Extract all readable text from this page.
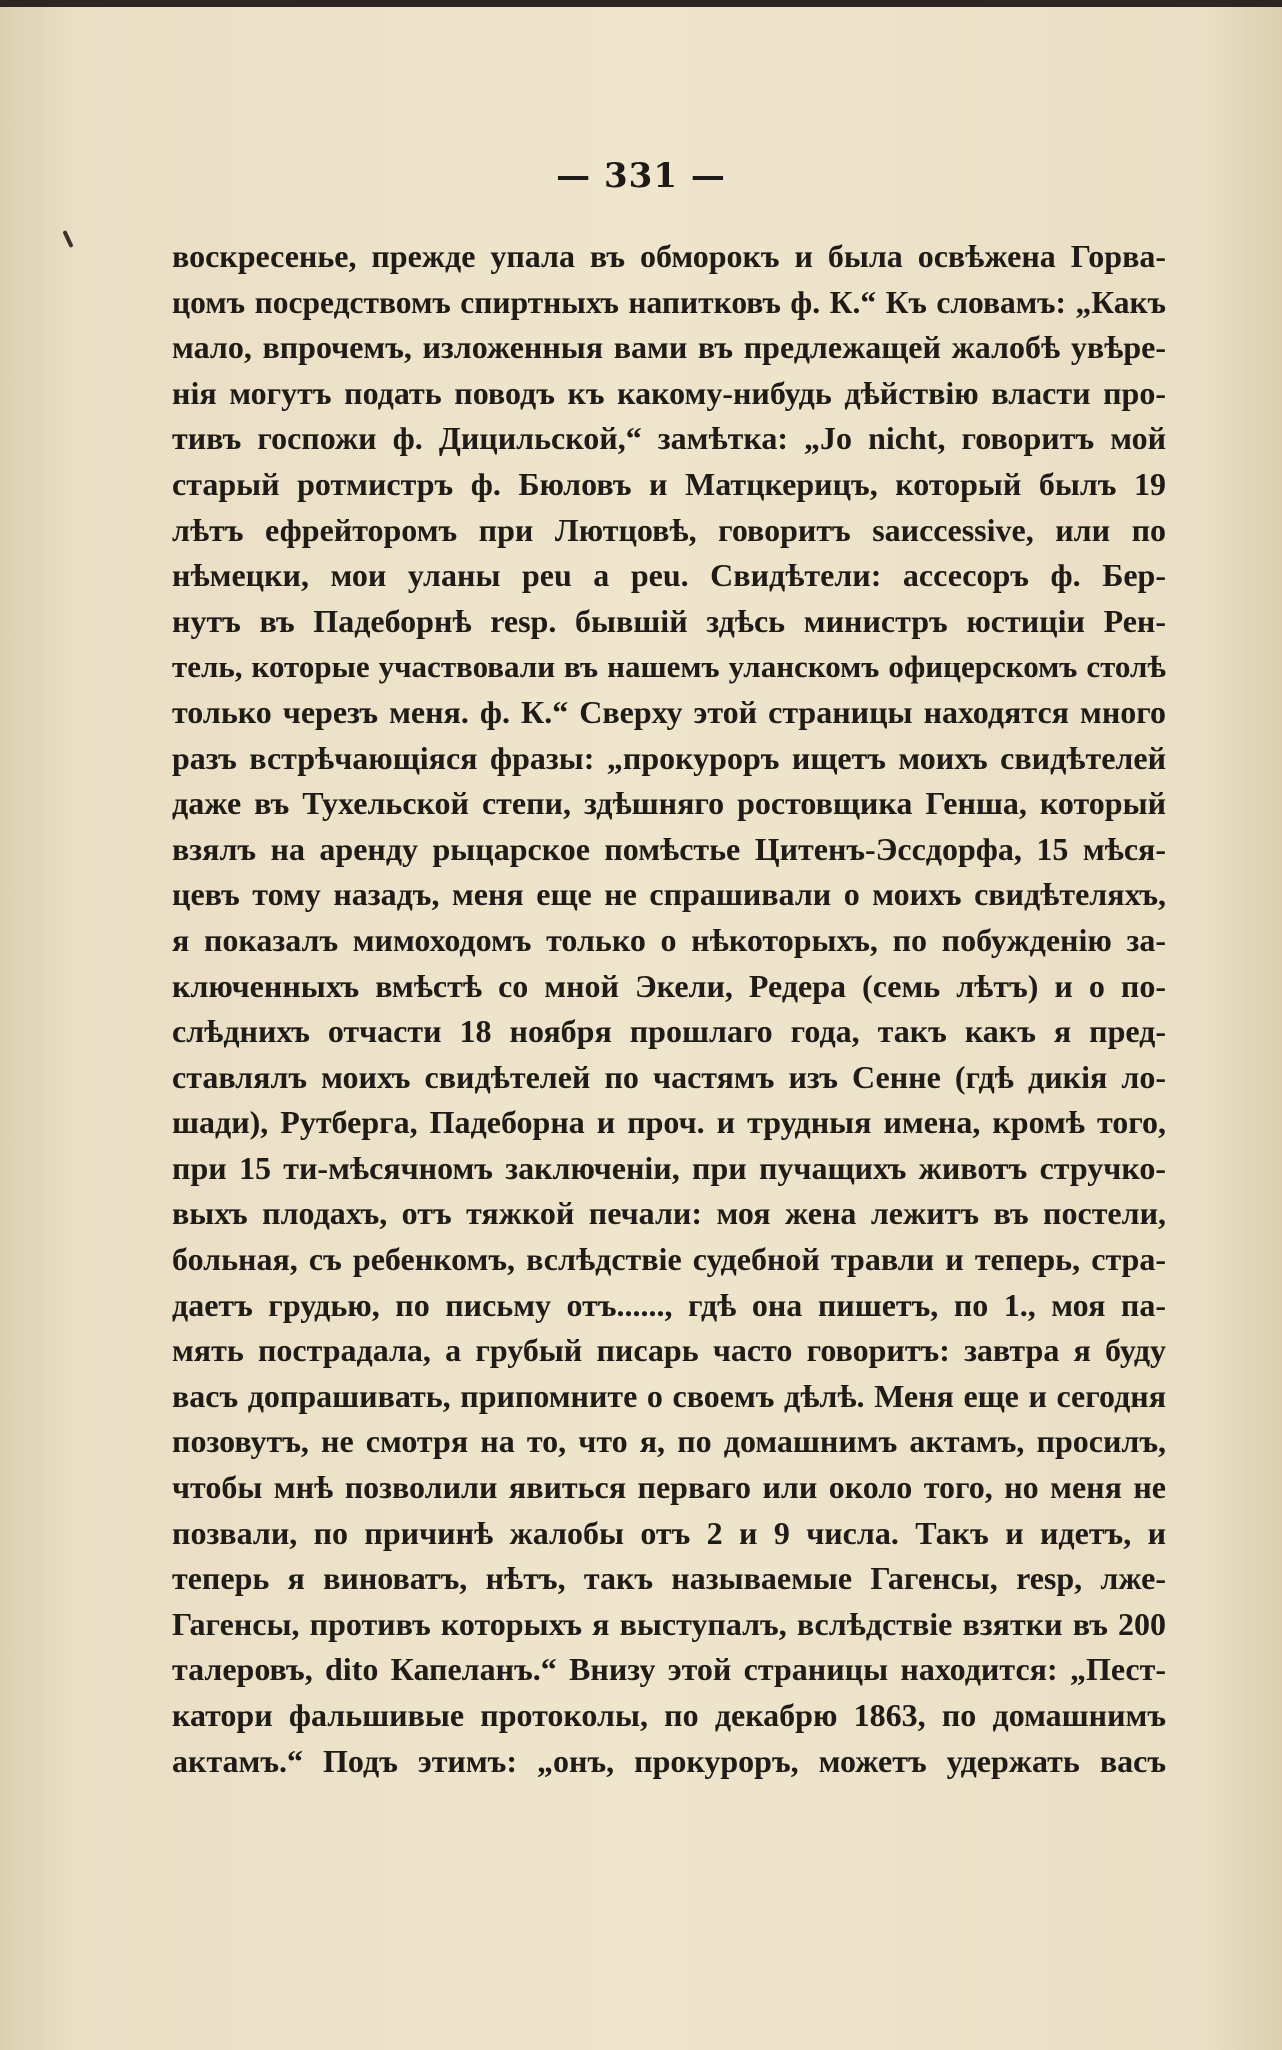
— 331 —
воскресенье, прежде упала въ обморокъ и была освѣжена Горва-
цомъ посредствомъ спиртныхъ напитковъ ф. К.“ Къ словамъ: „Какъ
мало, впрочемъ, изложенныя вами въ предлежащей жалобѣ увѣре-
нія могутъ подать поводъ къ какому-нибудь дѣйствію власти про-
тивъ госпожи ф. Дицильской,“ замѣтка: „Jo nicht, говоритъ мой
старый ротмистръ ф. Бюловъ и Матцкерицъ, который былъ 19
лѣтъ ефрейторомъ при Лютцовѣ, говоритъ saиccessive, или по
нѣмецки, мои уланы peu а peu. Свидѣтели: ассесоръ ф. Бер-
нутъ въ Падеборнѣ resp. бывшій здѣсь министръ юстиціи Рен-
тель, которые участвовали въ нашемъ уланскомъ офицерскомъ столѣ
только черезъ меня. ф. К.“ Сверху этой страницы находятся много
разъ встрѣчающіяся фразы: „прокуроръ ищетъ моихъ свидѣтелей
даже въ Тухельской степи, здѣшняго ростовщика Генша, который
взялъ на аренду рыцарское помѣстье Цитенъ-Эсcдорфа, 15 мѣся-
цевъ тому назадъ, меня еще не спрашивали о моихъ свидѣтеляхъ,
я показалъ мимоходомъ только о нѣкоторыхъ, по побужденію за-
ключенныхъ вмѣстѣ со мной Экели, Редера (семь лѣтъ) и о по-
слѣднихъ отчасти 18 ноября прошлаго года, такъ какъ я пред-
ставлялъ моихъ свидѣтелей по частямъ изъ Сенне (гдѣ дикія ло-
шади), Рутберга, Падеборна и проч. и трудныя имена, кромѣ того,
при 15 ти-мѣсячномъ заключеніи, при пучащихъ животъ стручко-
выхъ плодахъ, отъ тяжкой печали: моя жена лежитъ въ постели,
больная, съ ребенкомъ, вслѣдствіе судебной травли и теперь, стра-
даетъ грудью, по письму отъ......, гдѣ она пишетъ, по 1., моя па-
мять пострадала, а грубый писарь часто говоритъ: завтра я буду
васъ допрашивать, припомните о своемъ дѣлѣ. Меня еще и сегодня
позовутъ, не смотря на то, что я, по домашнимъ актамъ, просилъ,
чтобы мнѣ позволили явиться перваго или около того, но меня не
позвали, по причинѣ жалобы отъ 2 и 9 числа. Такъ и идетъ, и
теперь я виноватъ, нѣтъ, такъ называемые Гагенсы, resp, лже-
Гагенсы, противъ которыхъ я выступалъ, вслѣдствіе взятки въ 200
талеровъ, dito Капеланъ.“ Внизу этой страницы находится: „Пест-
катори фальшивые протоколы, по декабрю 1863, по домашнимъ
актамъ.“ Подъ этимъ: „онъ, прокуроръ, можетъ удержать васъ
